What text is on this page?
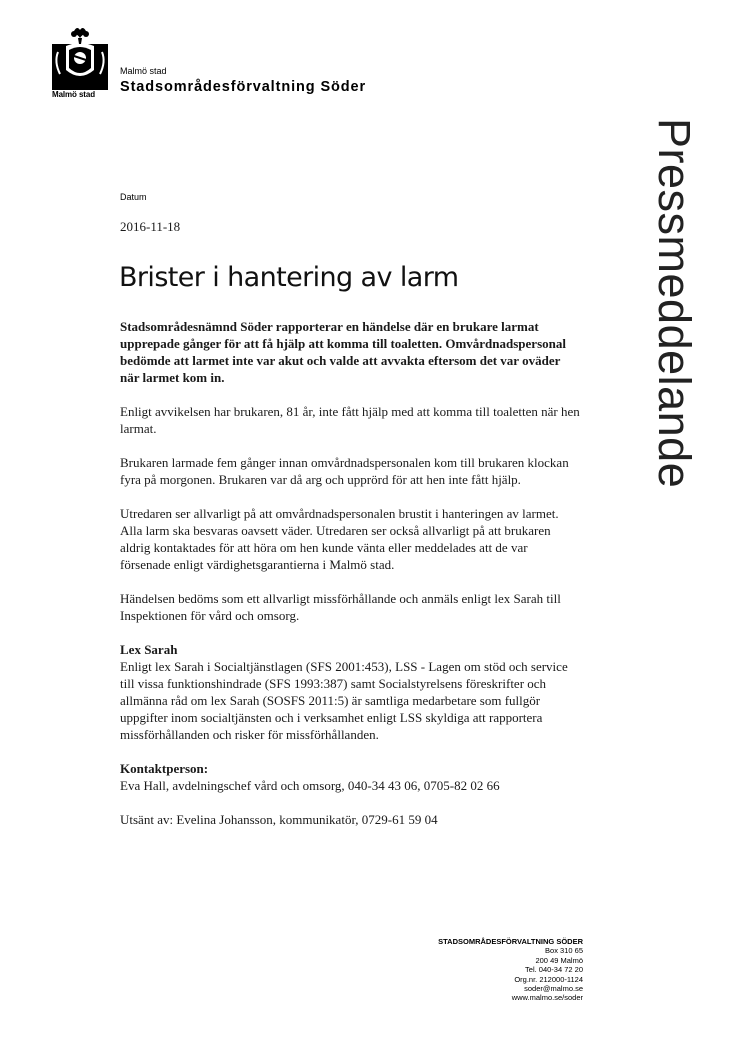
Malmö stad
Malmö stad
Stadsområdesförvaltning Söder
Pressmeddelande
Datum
2016-11-18
Brister i hantering av larm

Stadsområdesnämnd Söder rapporterar en händelse där en brukare larmat upprepade gånger för att få hjälp att komma till toaletten. Omvårdnadspersonal bedömde att larmet inte var akut och valde att avvakta eftersom det var oväder när larmet kom in.

Enligt avvikelsen har brukaren, 81 år, inte fått hjälp med att komma till toaletten när hen larmat.

Brukaren larmade fem gånger innan omvårdnadspersonalen kom till brukaren klockan fyra på morgonen. Brukaren var då arg och upprörd för att hen inte fått hjälp.

Utredaren ser allvarligt på att omvårdnadspersonalen brustit i hanteringen av larmet. Alla larm ska besvaras oavsett väder. Utredaren ser också allvarligt på att brukaren aldrig kontaktades för att höra om hen kunde vänta eller meddelades att de var försenade enligt värdighetsgarantierna i Malmö stad.

Händelsen bedöms som ett allvarligt missförhållande och anmäls enligt lex Sarah till Inspektionen för vård och omsorg.

Lex Sarah

Enligt lex Sarah i Socialtjänstlagen (SFS 2001:453), LSS - Lagen om stöd och service till vissa funktionshindrade (SFS 1993:387) samt Socialstyrelsens föreskrifter och allmänna råd om lex Sarah (SOSFS 2011:5) är samtliga medarbetare som fullgör uppgifter inom socialtjänsten och i verksamhet enligt LSS skyldiga att rapportera missförhållanden och risker för missförhållanden.

Kontaktperson:

Eva Hall, avdelningschef vård och omsorg, 040-34 43 06, 0705-82 02 66

Utsänt av: Evelina Johansson, kommunikatör, 0729-61 59 04

STADSOMRÅDESFÖRVALTNING SÖDER
Box 310 65
200 49 Malmö
Tel. 040-34 72 20
Org.nr. 212000-1124
soder@malmo.se
www.malmo.se/soder
